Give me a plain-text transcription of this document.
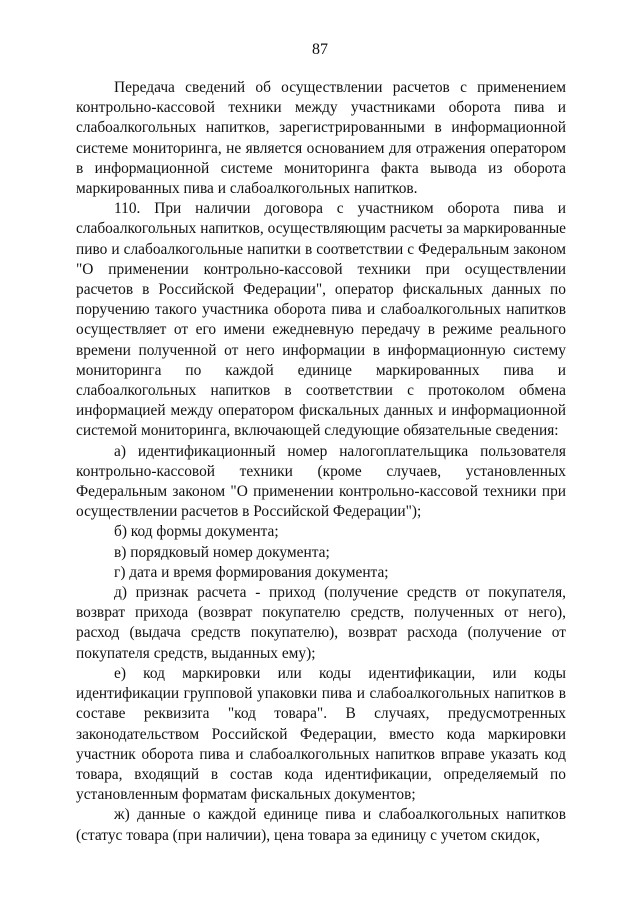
87

Передача сведений об осуществлении расчетов с применением контрольно-кассовой техники между участниками оборота пива и слабоалкогольных напитков, зарегистрированными в информационной системе мониторинга, не является основанием для отражения оператором в информационной системе мониторинга факта вывода из оборота маркированных пива и слабоалкогольных напитков.

110. При наличии договора с участником оборота пива и слабоалкогольных напитков, осуществляющим расчеты за маркированные пиво и слабоалкогольные напитки в соответствии с Федеральным законом "О применении контрольно-кассовой техники при осуществлении расчетов в Российской Федерации", оператор фискальных данных по поручению такого участника оборота пива и слабоалкогольных напитков осуществляет от его имени ежедневную передачу в режиме реального времени полученной от него информации в информационную систему мониторинга по каждой единице маркированных пива и слабоалкогольных напитков в соответствии с протоколом обмена информацией между оператором фискальных данных и информационной системой мониторинга, включающей следующие обязательные сведения:

а) идентификационный номер налогоплательщика пользователя контрольно-кассовой техники (кроме случаев, установленных Федеральным законом "О применении контрольно-кассовой техники при осуществлении расчетов в Российской Федерации");

б) код формы документа;

в) порядковый номер документа;

г) дата и время формирования документа;

д) признак расчета - приход (получение средств от покупателя, возврат прихода (возврат покупателю средств, полученных от него), расход (выдача средств покупателю), возврат расхода (получение от покупателя средств, выданных ему);

е) код маркировки или коды идентификации, или коды идентификации групповой упаковки пива и слабоалкогольных напитков в составе реквизита "код товара". В случаях, предусмотренных законодательством Российской Федерации, вместо кода маркировки участник оборота пива и слабоалкогольных напитков вправе указать код товара, входящий в состав кода идентификации, определяемый по установленным форматам фискальных документов;

ж) данные о каждой единице пива и слабоалкогольных напитков (статус товара (при наличии), цена товара за единицу с учетом скидок,
